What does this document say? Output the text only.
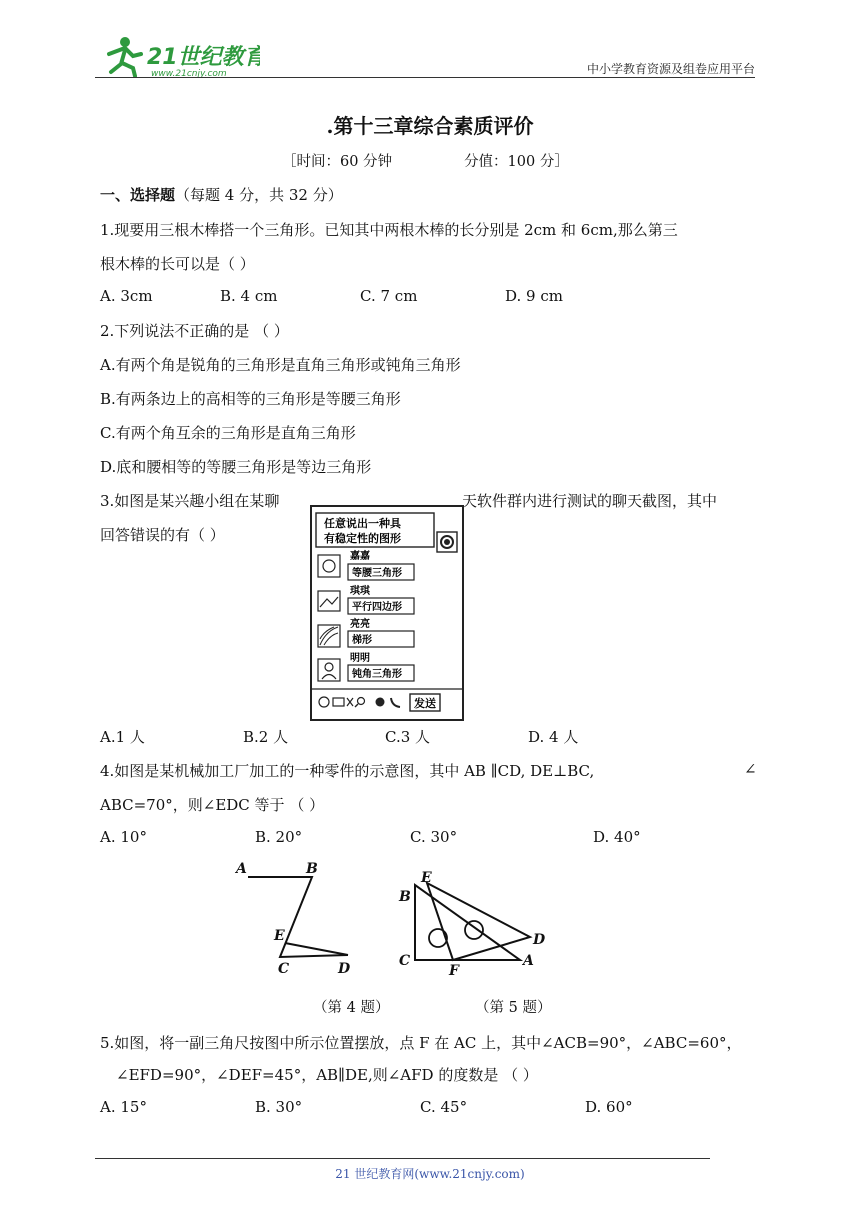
21世纪教育
www.21cnjy.com	中小学教育资源及组卷应用平台
.第十三章综合素质评价
［时间：60 分钟	分值：100 分］
一、选择题（每题 4 分，共 32 分）
1.现要用三根木棒搭一个三角形。已知其中两根木棒的长分别是 2cm 和 6cm,那么第三
根木棒的长可以是（ ）
A. 3cm	B. 4 cm	C. 7 cm	D. 9 cm
2.下列说法不正确的是 （ ）
A.有两个角是锐角的三角形是直角三角形或钝角三角形
B.有两条边上的高相等的三角形是等腰三角形
C.有两个角互余的三角形是直角三角形
D.底和腰相等的等腰三角形是等边三角形
3.如图是某兴趣小组在某聊	天软件群内进行测试的聊天截图，其中
回答错误的有（ ）
任意说出一种具
有稳定性的图形
嘉嘉
等腰三角形
琪琪
平行四边形
亮亮
梯形
明明
钝角三角形
发送
A.1 人	B.2 人	C.3 人	D. 4 人
4.如图是某机械加工厂加工的一种零件的示意图，其中 AB ∥CD, DE⊥BC,	∠
ABC=70°，则∠EDC 等于 （ ）
A. 10°	B. 20°	C. 30°	D. 40°
A	B
E
C	D
E
B
D
C
F
A
（第 4 题）	（第 5 题）
5.如图，将一副三角尺按图中所示位置摆放，点 F 在 AC 上，其中∠ACB=90°，∠ABC=60°，
∠EFD=90°，∠DEF=45°，AB∥DE,则∠AFD 的度数是 （ ）
A. 15°	B. 30°	C. 45°	D. 60°
21 世纪教育网(www.21cnjy.com)
